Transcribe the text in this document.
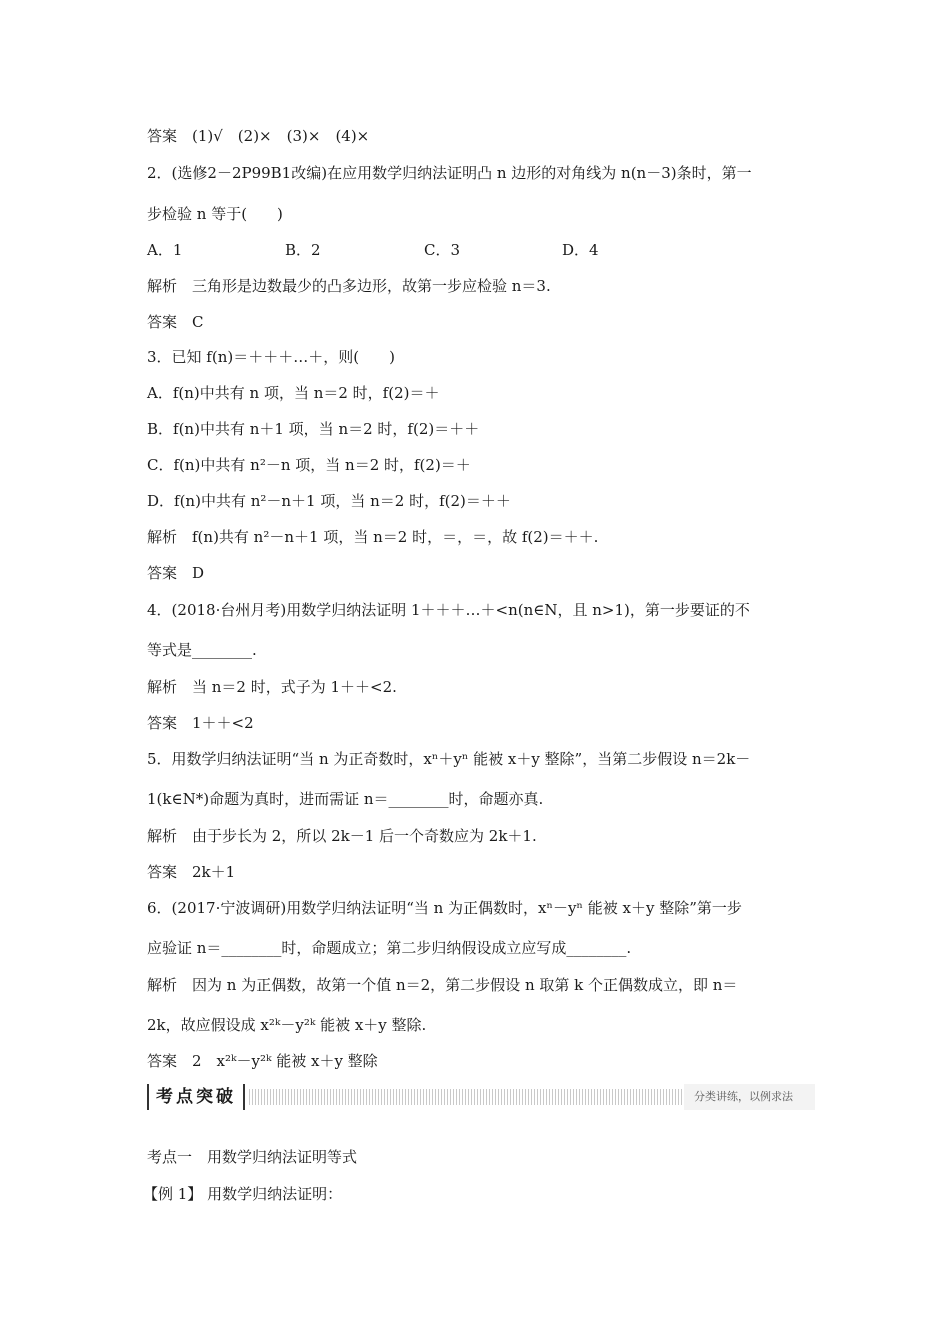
答案　(1)√　(2)×　(3)×　(4)×
2．(选修2－2P99B1改编)在应用数学归纳法证明凸 n 边形的对角线为 n(n－3)条时，第一
步检验 n 等于(　　)
A．1	B．2	C．3	D．4
解析　三角形是边数最少的凸多边形，故第一步应检验 n＝3.
答案　C
3．已知 f(n)＝＋＋＋…＋，则(　　)
A．f(n)中共有 n 项，当 n＝2 时，f(2)＝＋
B．f(n)中共有 n＋1 项，当 n＝2 时，f(2)＝＋＋
C．f(n)中共有 n²－n 项，当 n＝2 时，f(2)＝＋
D．f(n)中共有 n²－n＋1 项，当 n＝2 时，f(2)＝＋＋
解析　f(n)共有 n²－n＋1 项，当 n＝2 时，＝，＝，故 f(2)＝＋＋.
答案　D
4．(2018·台州月考)用数学归纳法证明 1＋＋＋…＋<n(n∈N，且 n>1)，第一步要证的不
等式是________.
解析　当 n＝2 时，式子为 1＋＋<2.
答案　1＋＋<2
5．用数学归纳法证明“当 n 为正奇数时，xⁿ＋yⁿ 能被 x＋y 整除”，当第二步假设 n＝2k－
1(k∈N*)命题为真时，进而需证 n＝________时，命题亦真.
解析　由于步长为 2，所以 2k－1 后一个奇数应为 2k＋1.
答案　2k＋1
6．(2017·宁波调研)用数学归纳法证明“当 n 为正偶数时，xⁿ－yⁿ 能被 x＋y 整除”第一步
应验证 n＝________时，命题成立；第二步归纳假设成立应写成________.
解析　因为 n 为正偶数，故第一个值 n＝2，第二步假设 n 取第 k 个正偶数成立，即 n＝
2k，故应假设成 x²ᵏ－y²ᵏ 能被 x＋y 整除.
答案　2　x²ᵏ－y²ᵏ 能被 x＋y 整除
考点突破	分类讲练，以例求法
考点一　用数学归纳法证明等式
【例 1】 用数学归纳法证明：
